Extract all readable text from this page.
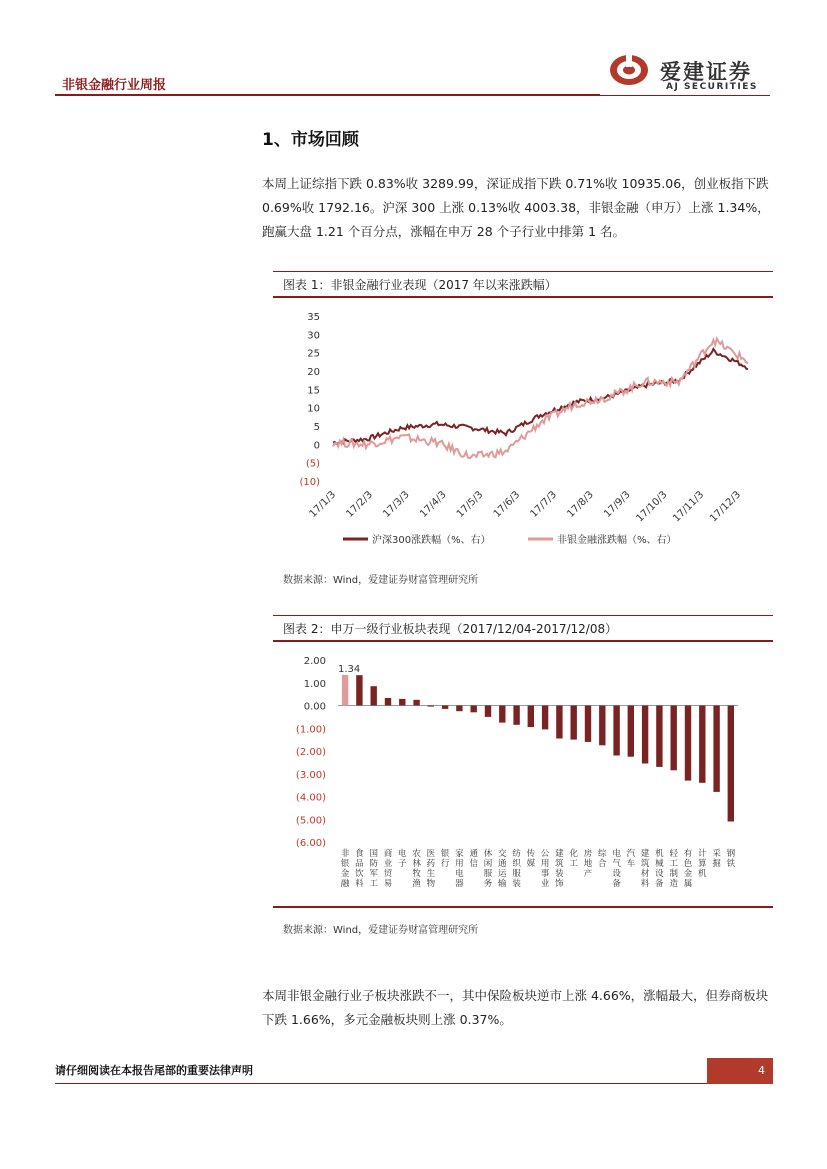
非银金融行业周报
爱建证券
AJ SECURITIES
1、市场回顾
本周上证综指下跌 0.83%收 3289.99，深证成指下跌 0.71%收 10935.06，创业板指下跌 0.69%收 1792.16。沪深 300 上涨 0.13%收 4003.38，非银金融（申万）上涨 1.34%，跑赢大盘 1.21 个百分点，涨幅在申万 28 个子行业中排第 1 名。
图表 1：非银金融行业表现（2017 年以来涨跌幅）
35
30
25
20
15
10
5
0
(5)
(10)
17/1/3 17/2/3 17/3/3 17/4/3 17/5/3 17/6/3 17/7/3 17/8/3 17/9/3 17/10/3 17/11/3 17/12/3
沪深300涨跌幅（%、右）	非银金融涨跌幅（%、右）
数据来源：Wind，爱建证券财富管理研究所
图表 2：申万一级行业板块表现（2017/12/04-2017/12/08）
2.00
1.00
0.00
(1.00)
(2.00)
(3.00)
(4.00)
(5.00)
(6.00)
非
银
金
融
食
品
饮
料
国
防
军
工
商
业
贸
易
电
子
农
林
牧
渔
医
药
生
物
银
行
家
用
电
器
通
信
休
闲
服
务
交
通
运
输
纺
织
服
装
传
媒
公
用
事
业
建
筑
装
饰
化
工
房
地
产
综
合
电
气
设
备
汽
车
建
筑
材
料
机
械
设
备
轻
工
制
造
有
色
金
属
计
算
机
采
掘
钢
铁
1.34
数据来源：Wind，爱建证券财富管理研究所
本周非银金融行业子板块涨跌不一，其中保险板块逆市上涨 4.66%，涨幅最大，但券商板块下跌 1.66%，多元金融板块则上涨 0.37%。
请仔细阅读在本报告尾部的重要法律声明	4
